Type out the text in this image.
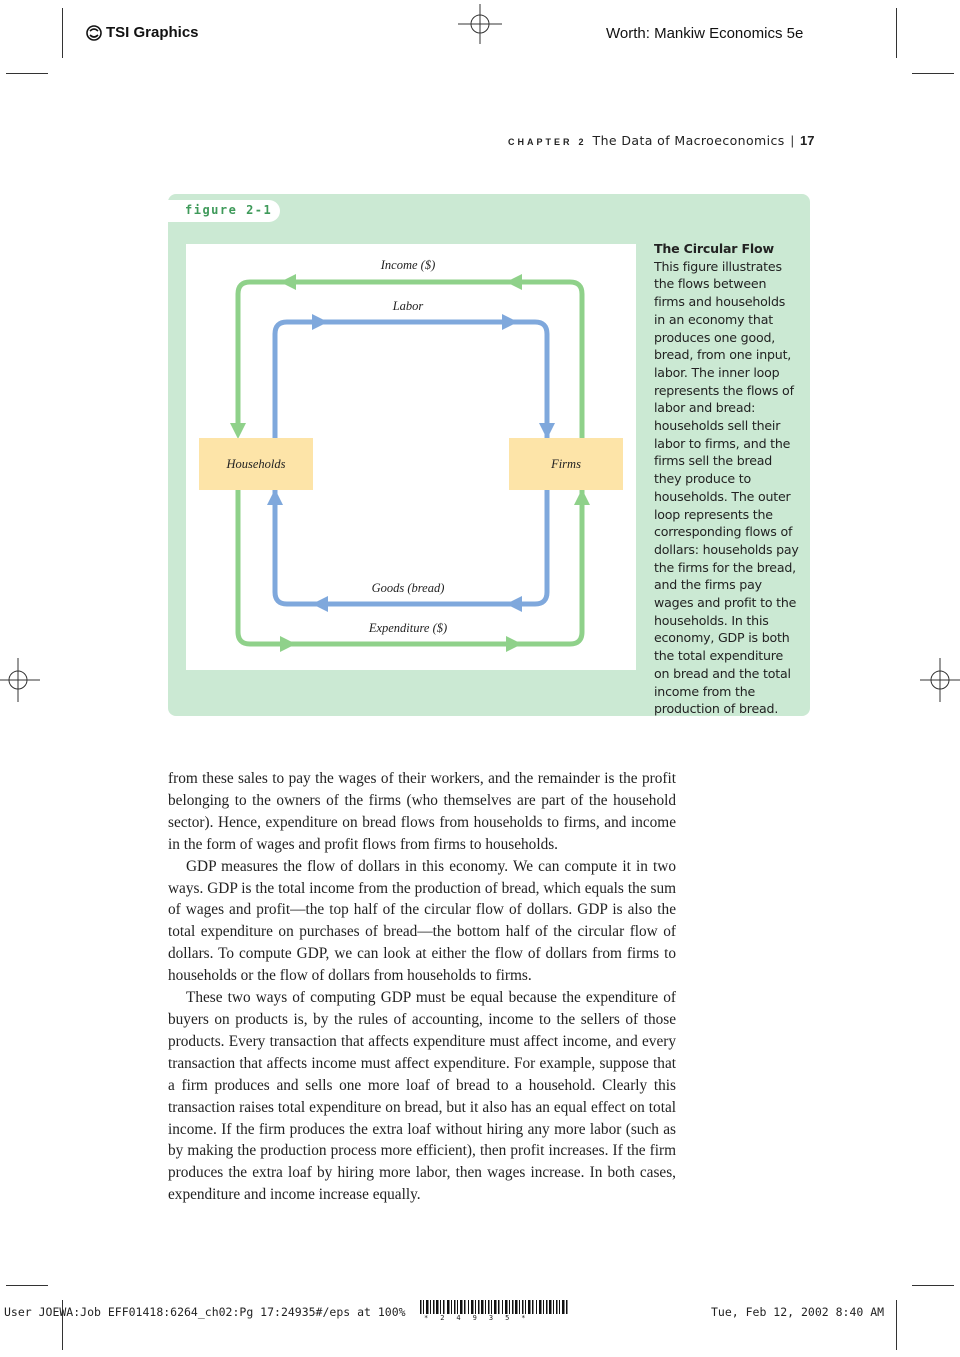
TSI Graphics	Worth: Mankiw Economics 5e
CHAPTER 2 The Data of Macroeconomics | 17
figure 2-1
Households	Firms
Income ($)
Labor
Goods (bread)
Expenditure ($)
The Circular Flow This figure illustrates the flows between firms and households in an economy that produces one good, bread, from one input, labor. The inner loop represents the flows of labor and bread: households sell their labor to firms, and the firms sell the bread they produce to households. The outer loop represents the corresponding flows of dollars: households pay the firms for the bread, and the firms pay wages and profit to the households. In this economy, GDP is both the total expenditure on bread and the total income from the production of bread.

from these sales to pay the wages of their workers, and the remainder is the profit belonging to the owners of the firms (who themselves are part of the household sector). Hence, expenditure on bread flows from households to firms, and income in the form of wages and profit flows from firms to households.

GDP measures the flow of dollars in this economy. We can compute it in two ways. GDP is the total income from the production of bread, which equals the sum of wages and profit—the top half of the circular flow of dollars. GDP is also the total expenditure on purchases of bread—the bottom half of the circular flow of dollars. To compute GDP, we can look at either the flow of dollars from firms to households or the flow of dollars from households to firms.

These two ways of computing GDP must be equal because the expenditure of buyers on products is, by the rules of accounting, income to the sellers of those products. Every transaction that affects expenditure must affect income, and every transaction that affects income must affect expenditure. For example, suppose that a firm produces and sells one more loaf of bread to a household. Clearly this transaction raises total expenditure on bread, but it also has an equal effect on total income. If the firm produces the extra loaf without hiring any more labor (such as by making the production process more efficient), then profit increases. If the firm produces the extra loaf by hiring more labor, then wages increase. In both cases, expenditure and income increase equally.

User JOEWA:Job EFF01418:6264_ch02:Pg 17:24935#/eps at 100%	*24935*	Tue, Feb 12, 2002 8:40 AM
